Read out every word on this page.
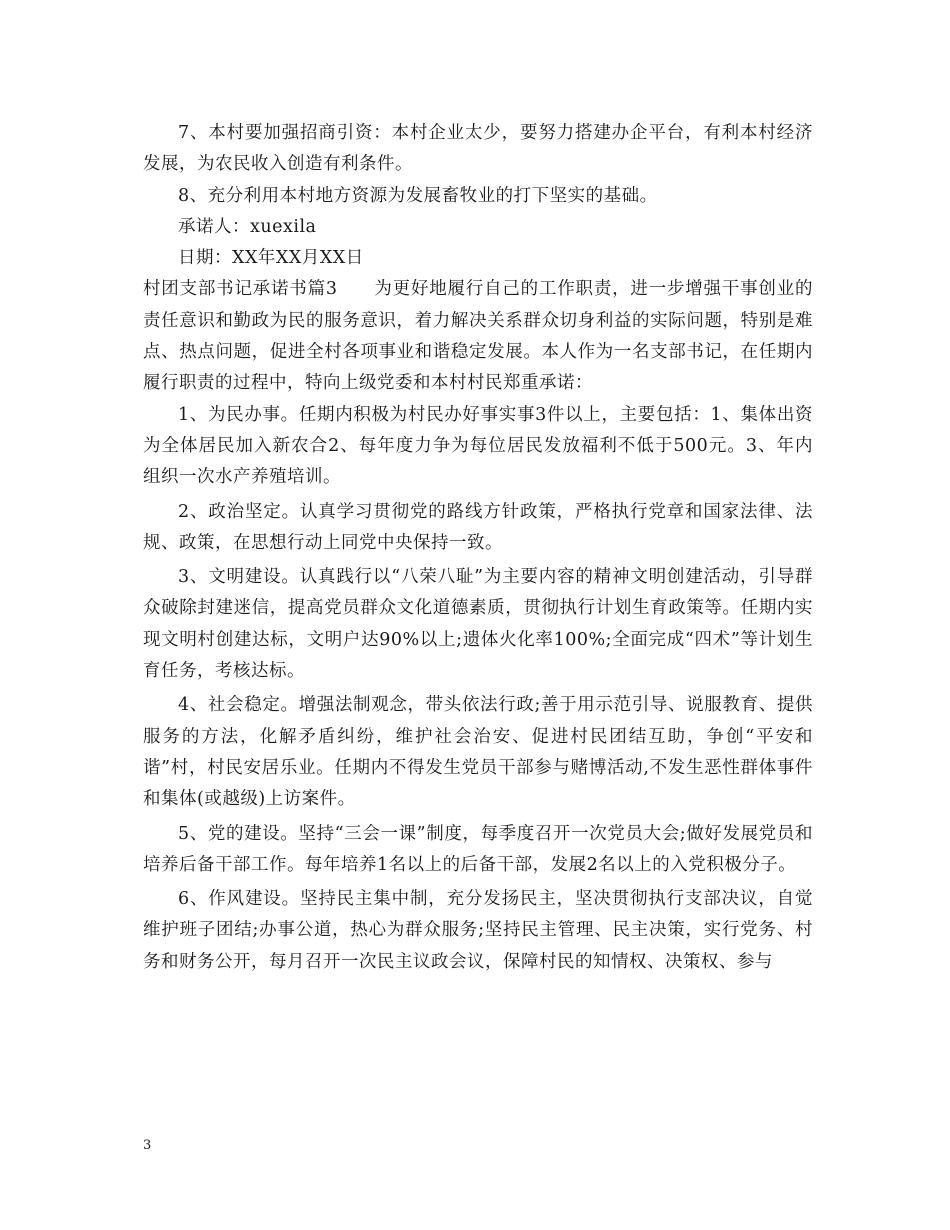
7、本村要加强招商引资：本村企业太少，要努力搭建办企平台，有利本村经济发展，为农民收入创造有利条件。

8、充分利用本村地方资源为发展畜牧业的打下坚实的基础。

承诺人：xuexila

日期：XX年XX月XX日

村团支部书记承诺书篇3　　为更好地履行自己的工作职责，进一步增强干事创业的责任意识和勤政为民的服务意识，着力解决关系群众切身利益的实际问题，特别是难点、热点问题，促进全村各项事业和谐稳定发展。本人作为一名支部书记，在任期内履行职责的过程中，特向上级党委和本村村民郑重承诺：

1、为民办事。任期内积极为村民办好事实事3件以上，主要包括：1、集体出资为全体居民加入新农合2、每年度力争为每位居民发放福利不低于500元。3、年内组织一次水产养殖培训。

2、政治坚定。认真学习贯彻党的路线方针政策，严格执行党章和国家法律、法规、政策，在思想行动上同党中央保持一致。

3、文明建设。认真践行以“八荣八耻”为主要内容的精神文明创建活动，引导群众破除封建迷信，提高党员群众文化道德素质，贯彻执行计划生育政策等。任期内实现文明村创建达标，文明户达90%以上;遗体火化率100%;全面完成“四术”等计划生育任务，考核达标。

4、社会稳定。增强法制观念，带头依法行政;善于用示范引导、说服教育、提供服务的方法，化解矛盾纠纷，维护社会治安、促进村民团结互助，争创“平安和谐”村，村民安居乐业。任期内不得发生党员干部参与赌博活动,不发生恶性群体事件和集体(或越级)上访案件。

5、党的建设。坚持“三会一课”制度，每季度召开一次党员大会;做好发展党员和培养后备干部工作。每年培养1名以上的后备干部，发展2名以上的入党积极分子。

6、作风建设。坚持民主集中制，充分发扬民主，坚决贯彻执行支部决议，自觉维护班子团结;办事公道，热心为群众服务;坚持民主管理、民主决策，实行党务、村务和财务公开，每月召开一次民主议政会议，保障村民的知情权、决策权、参与

3
